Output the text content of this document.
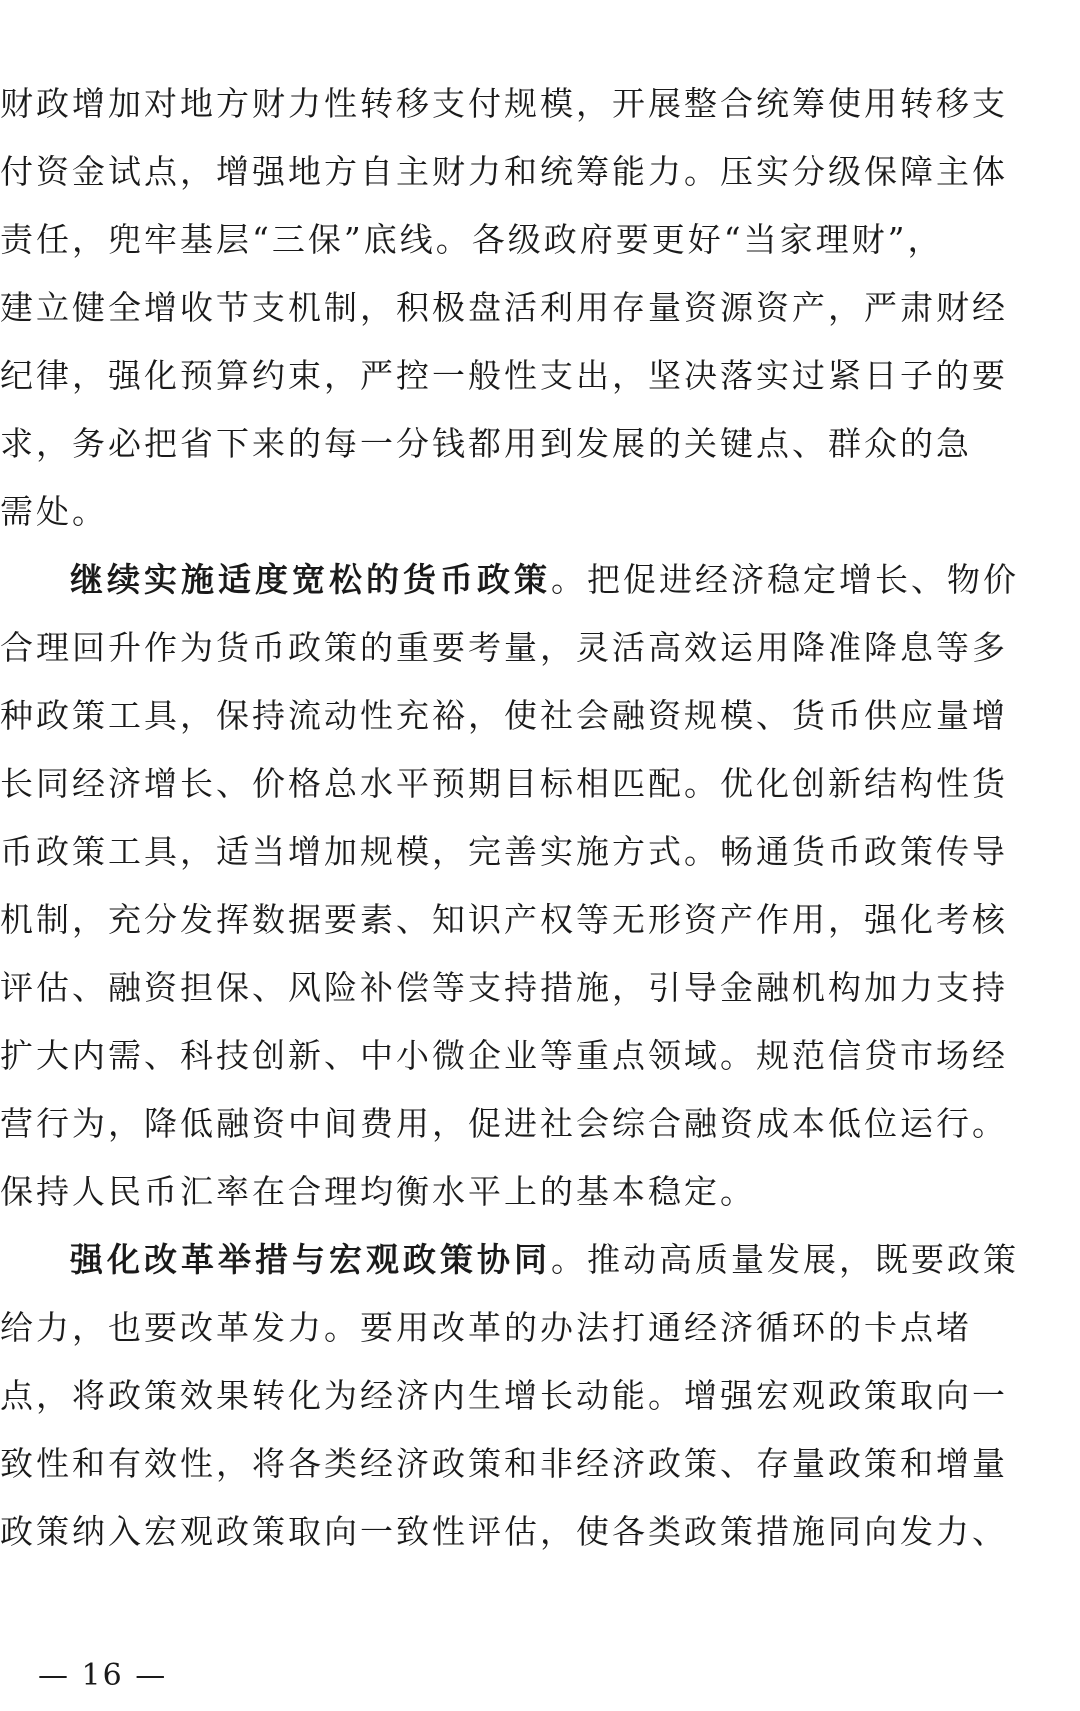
财政增加对地方财力性转移支付规模，开展整合统筹使用转移支
付资金试点，增强地方自主财力和统筹能力。压实分级保障主体
责任，兜牢基层“三保”底线。各级政府要更好“当家理财”，
建立健全增收节支机制，积极盘活利用存量资源资产，严肃财经
纪律，强化预算约束，严控一般性支出，坚决落实过紧日子的要
求，务必把省下来的每一分钱都用到发展的关键点、群众的急
需处。
继续实施适度宽松的货币政策。把促进经济稳定增长、物价
合理回升作为货币政策的重要考量，灵活高效运用降准降息等多
种政策工具，保持流动性充裕，使社会融资规模、货币供应量增
长同经济增长、价格总水平预期目标相匹配。优化创新结构性货
币政策工具，适当增加规模，完善实施方式。畅通货币政策传导
机制，充分发挥数据要素、知识产权等无形资产作用，强化考核
评估、融资担保、风险补偿等支持措施，引导金融机构加力支持
扩大内需、科技创新、中小微企业等重点领域。规范信贷市场经
营行为，降低融资中间费用，促进社会综合融资成本低位运行。
保持人民币汇率在合理均衡水平上的基本稳定。
强化改革举措与宏观政策协同。推动高质量发展，既要政策
给力，也要改革发力。要用改革的办法打通经济循环的卡点堵
点，将政策效果转化为经济内生增长动能。增强宏观政策取向一
致性和有效性，将各类经济政策和非经济政策、存量政策和增量
政策纳入宏观政策取向一致性评估，使各类政策措施同向发力、
— 16 —
